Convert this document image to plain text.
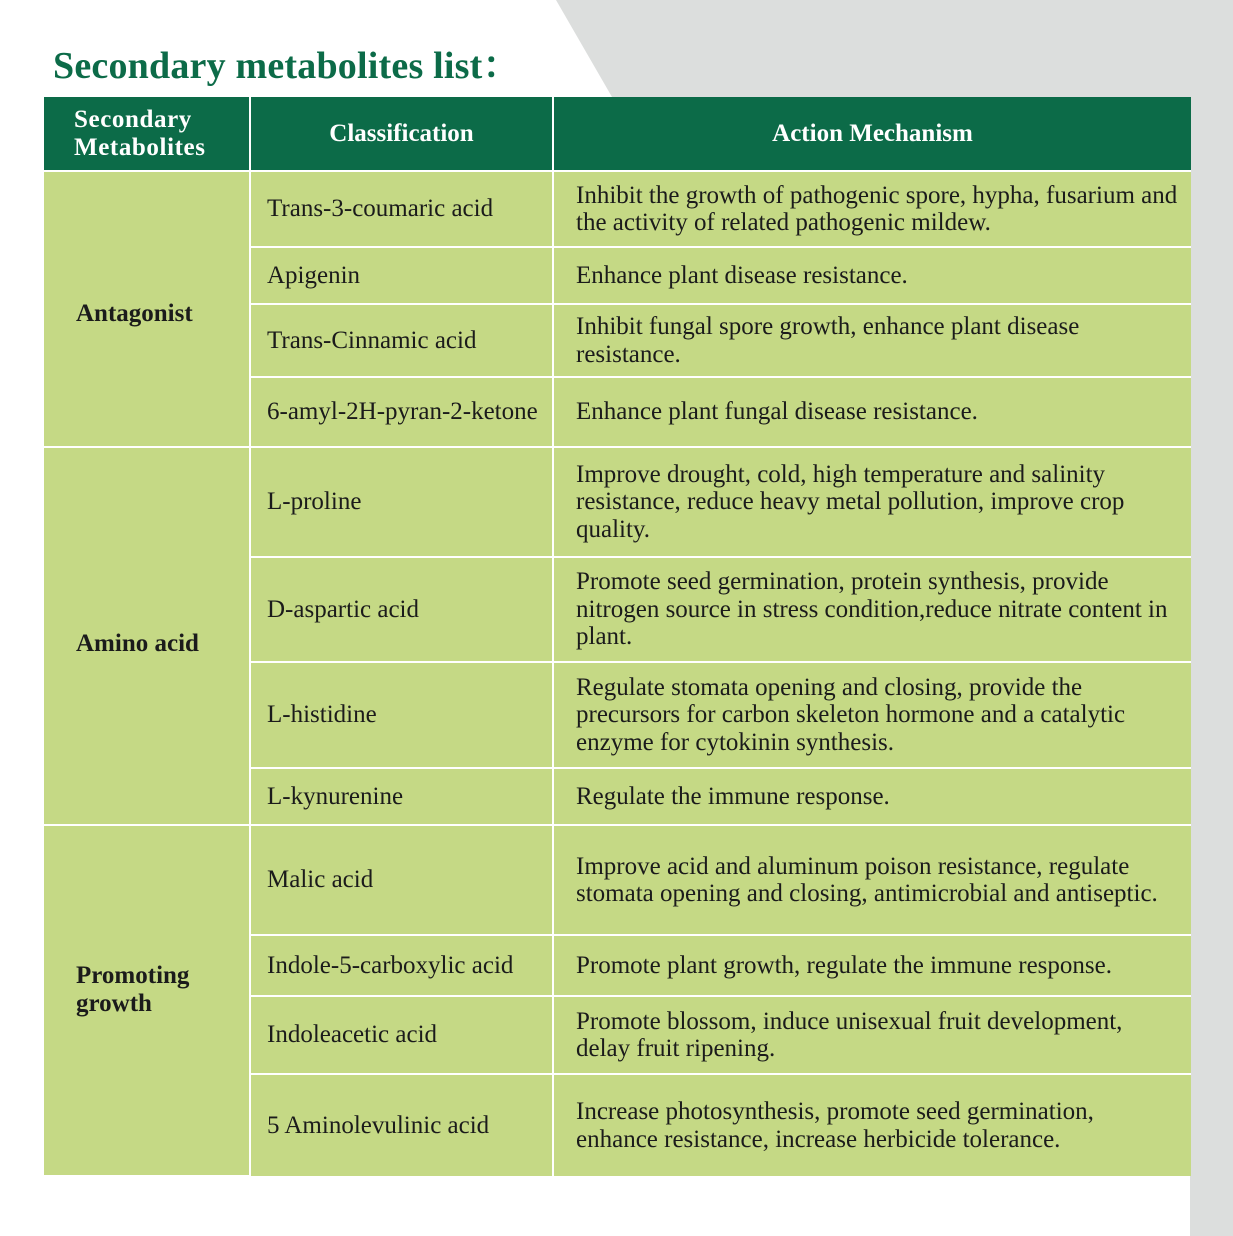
Secondary metabolites list：
Secondary Metabolites	Classification	Action Mechanism

Antagonist	Trans-3-coumaric acid	Inhibit the growth of pathogenic spore, hypha, fusarium and the activity of related pathogenic mildew.
	Apigenin	Enhance plant disease resistance.
	Trans-Cinnamic acid	Inhibit fungal spore growth, enhance plant disease resistance.
	6-amyl-2H-pyran-2-ketone	Enhance plant fungal disease resistance.

Amino acid	L-proline	Improve drought, cold, high temperature and salinity resistance, reduce heavy metal pollution, improve crop quality.
	D-aspartic acid	Promote seed germination, protein synthesis, provide nitrogen source in stress condition,reduce nitrate content in plant.
	L-histidine	Regulate stomata opening and closing, provide the precursors for carbon skeleton hormone and a catalytic enzyme for cytokinin synthesis.
	L-kynurenine	Regulate the immune response.

Promoting growth	Malic acid	Improve acid and aluminum poison resistance, regulate stomata opening and closing, antimicrobial and antiseptic.
	Indole-5-carboxylic acid	Promote plant growth, regulate the immune response.
	Indoleacetic acid	Promote blossom, induce unisexual fruit development, delay fruit ripening.
	5 Aminolevulinic acid	Increase photosynthesis, promote seed germination, enhance resistance, increase herbicide tolerance.
